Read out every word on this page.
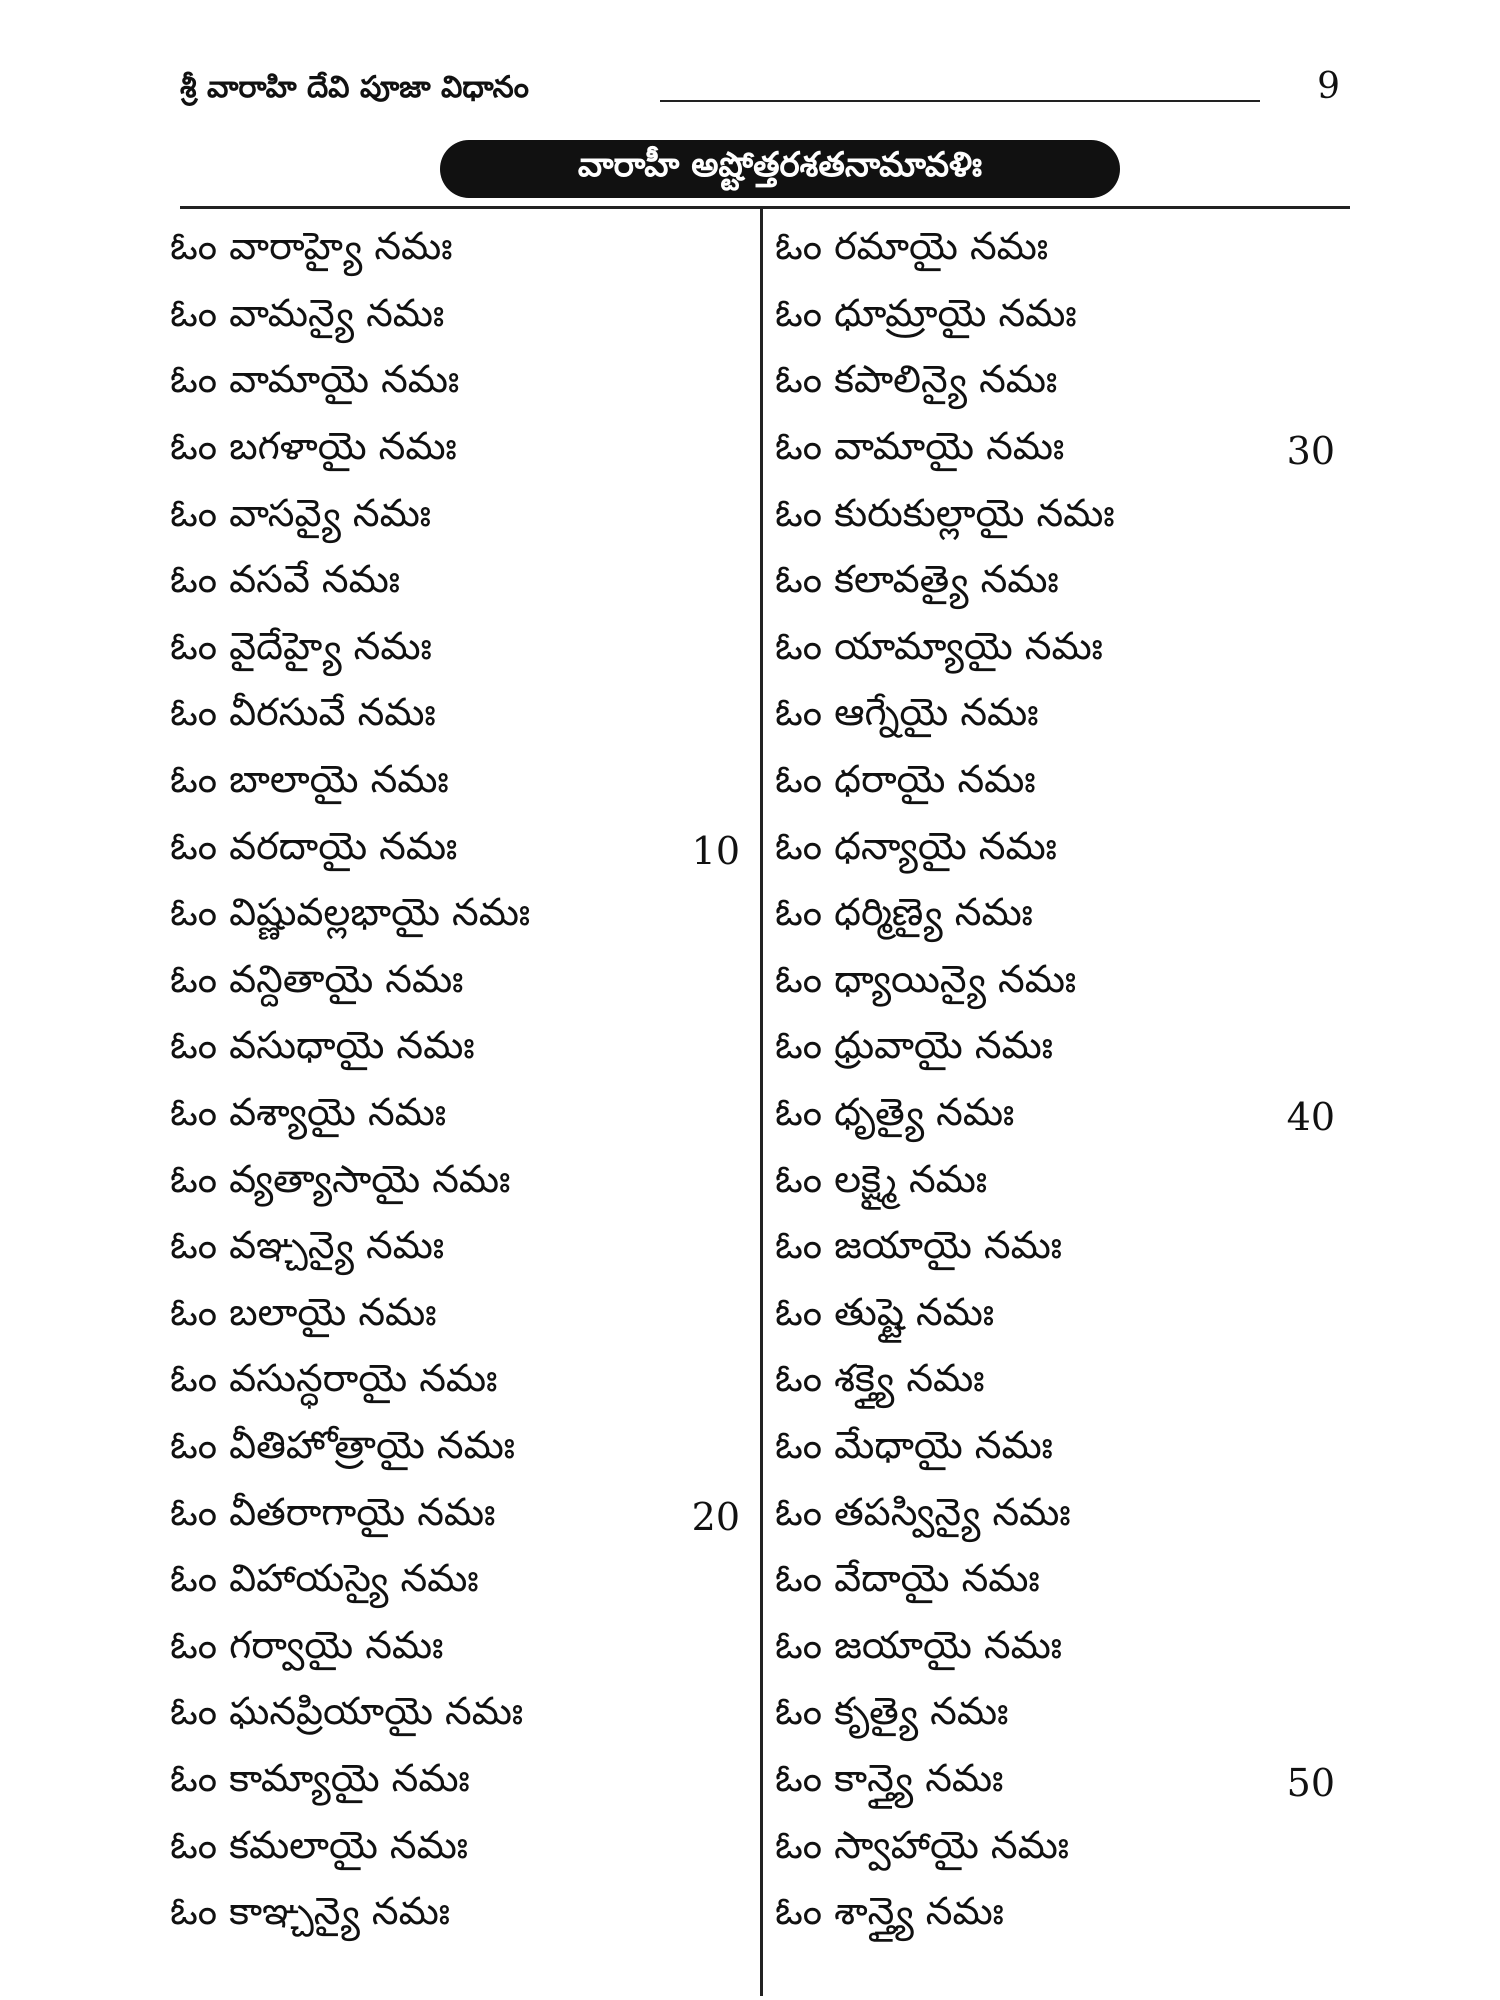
శ్రీ వారాహి దేవి పూజా విధానం	9
వారాహీ అష్టోత్తరశతనామావళిః
ఓం వారాహ్యై నమః
ఓం వామన్యై నమః
ఓం వామాయై నమః
ఓం బగళాయై నమః
ఓం వాసవ్యై నమః
ఓం వసవే నమః
ఓం వైదేహ్యై నమః
ఓం వీరసువే నమః
ఓం బాలాయై నమః
ఓం వరదాయై నమః	10
ఓం విష్ణువల్లభాయై నమః
ఓం వన్దితాయై నమః
ఓం వసుధాయై నమః
ఓం వశ్యాయై నమః
ఓం వ్యత్యాసాయై నమః
ఓం వఞ్చన్యై నమః
ఓం బలాయై నమః
ఓం వసున్ధరాయై నమః
ఓం వీతిహోత్రాయై నమః
ఓం వీతరాగాయై నమః	20
ఓం విహాయస్యై నమః
ఓం గర్వాయై నమః
ఓం ఘనప్రియాయై నమః
ఓం కామ్యాయై నమః
ఓం కమలాయై నమః
ఓం కాఞ్చన్యై నమః
ఓం రమాయై నమః
ఓం ధూమ్రాయై నమః
ఓం కపాలిన్యై నమః
ఓం వామాయై నమః	30
ఓం కురుకుల్లాయై నమః
ఓం కలావత్యై నమః
ఓం యామ్యాయై నమః
ఓం ఆగ్నేయై నమః
ఓం ధరాయై నమః
ఓం ధన్యాయై నమః
ఓం ధర్మిణ్యై నమః
ఓం ధ్యాయిన్యై నమః
ఓం ధ్రువాయై నమః
ఓం ధృత్యై నమః	40
ఓం లక్ష్మై నమః
ఓం జయాయై నమః
ఓం తుష్టై నమః
ఓం శక్త్యై నమః
ఓం మేధాయై నమః
ఓం తపస్విన్యై నమః
ఓం వేదాయై నమః
ఓం జయాయై నమః
ఓం కృత్యై నమః
ఓం కాన్త్యై నమః	50
ఓం స్వాహాయై నమః
ఓం శాన్త్యై నమః
